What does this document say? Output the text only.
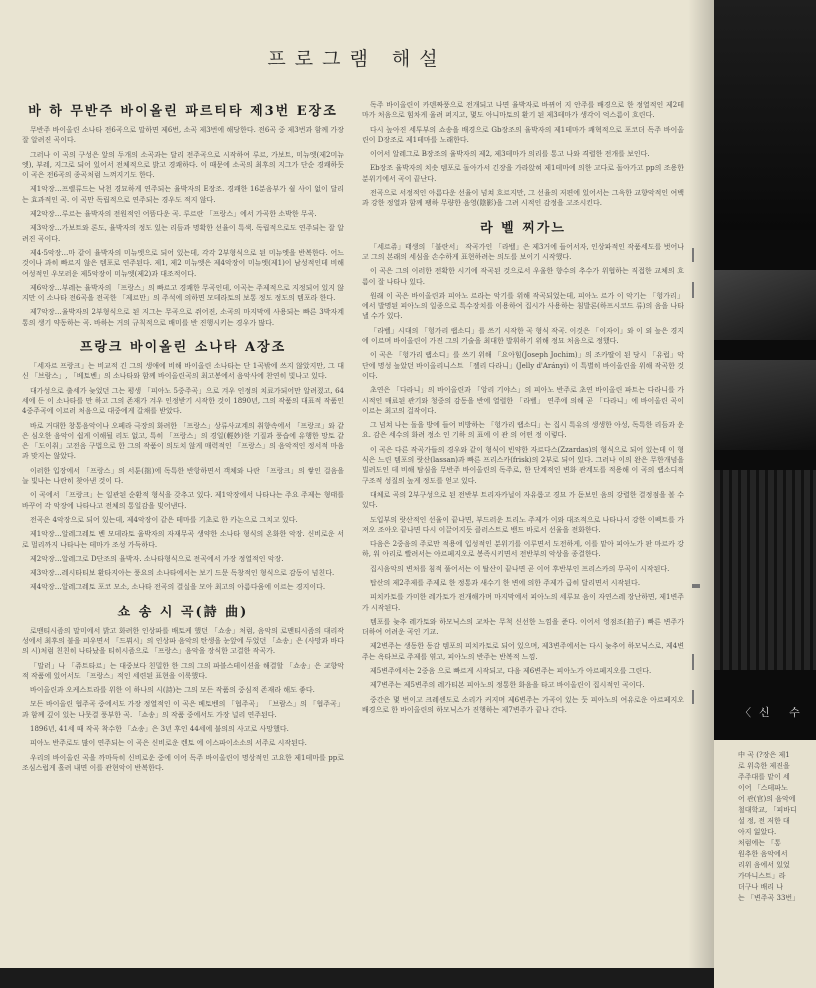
프로그램 해설
바 하 무반주 바이올린 파르티타 제3번 E장조

무반주 바이올린 소나타 전6곡으로 말하면 제6번, 소곡 제3번에 해당한다. 전6곡 중 제3번과 함께 가장 잘 알려진 곡이다.

그러나 이 곡의 구성은 앞의 두개의 소곡과는 달리 전주곡으로 시작하여 루르, 가보트, 미뉴엣(제2미뉴엣), 부레, 지그로 되어 있어서 전체적으로 밝고 경쾌하다. 이 때문에 소곡의 최후의 지그가 단순 경쾌하듯 이 곡은 전6곡의 종곡처럼 느껴지기도 한다.

제1악장…프렐류드는 낙천 경묘하게 연주되는 율박자의 E장조. 경쾌한 16분음부가 쉴 사이 없이 달리는 효과적인 곡. 이 곡만 독립적으로 연주되는 경우도 적지 않다.

제2악장…루르는 율박자의 전원적인 어뜸다운 곡. 루르란 「프랑스」에서 가곡한 소박한 무곡.

제3악장…가보트와 론도, 율박자의 정도 있는 리듬과 명확한 선율이 특색. 독립적으로도 연주되는 잘 알려진 곡이다.

제4·5악장…마 같이 율박자의 미뉴엣으로 되어 있는데, 각각 2부형식으로 된 미뉴엣을 반복한다. 어느 것이나 과히 빠르지 않은 템포로 연주된다. 제1, 제2 미뉴엣은 제4악장이 미뉴엣(제1)이 남성적인데 비해 여성적인 우모러운 제5악장이 미뉴엣(제2)과 대조적이다.

제6악장…부레는 율박자의 「프랑스」의 빠르고 경쾌한 무곡인데, 이곡는 주제적으로 지정되어 있지 않지만 이 소나타 전6곡을 전곡한 「제르만」의 주석에 의하면 모데라토의 보통 정도 정도의 템포라 한다.

제7악장…율박자의 2부형식으로 된 지그는 무곡으로 쥐어진, 소곡의 마지막에 사용되는 빠른 3박자계통의 생기 약동하는 곡. 바하는 거의 규칙적으로 배미를 반 진행시키는 경우가 많다.

프랑크 바이올린 소나타 A장조

「세자르 프랑크」는 비교적 긴 그의 생애에 비해 바이올린 소나타는 단 1곡밖에 쓰지 않았지만, 그 대신 「브람스」, 「베토벤」의 소나타와 함께 바이올린곡의 최고봉에서 음악사에 찬연히 빛나고 있다.

대가성으로 출세가 늦었던 그는 평생 「피아노 5중주곡」으로 겨우 인정의 치료가되어만 알려졌고, 64세에 든 이 소나타를 만 하고 그의 존재가 겨우 인정받기 시작한 것이 1890년, 그의 작품의 대표적 작품인 4중주곡에 이르러 처음으로 대중에게 갈채를 받았다.

바로 거대한 창통음악이나 오페라 극장의 화려한 「프랑스」상류사교계의 취향속에서 「프랑크」와 같은 심오한 음악이 쉽게 이해될 리도 없고, 특히 「프랑스」의 경일(輕妙)한 기질과 풍습에 유행한 망토 같은 「도이취」고전음 구법으로 한 그의 작품이 의도치 않게 매력적인 「프랑스」의 음악적인 정서적 마음과 맞지는 않았다.

이러한 입장에서 「프랑스」의 서툰(拙)에 독특한 반항하면서 객체와 나란 「프랑크」의 쌓인 걸음을 늘 빛나는 나란히 찾아낸 것이 다.

이 곡에서 「프랑크」는 일관된 순환적 형식을 갖추고 있다. 제1악장에서 나타나는 주요 주제는 형태를 바꾸어 각 악장에 나타나고 전체의 통일감을 빚어낸다.

전곡은 4악장으로 되어 있는데, 제4악장이 같은 테마를 기초로 한 카논으로 그치고 있다.

제1악장…알레그레토 벤 모데라토 울박자의 자재무곡 생약한 소나타 형식의 온화한 악장. 신비로운 서로 멀리까지 나타나는 테마가 조성 가득하다.

제2악장…알레그로 D단조의 율박자. 소나타형식으로 전곡에서 가장 정열적인 악장.

제3악장…레시타티보 환타지아는 풍요의 소나타에서는 보기 드문 독창적인 형식으로 감동이 넘친다.

제4악장…알레그레토 포코 모소, 소나타 전곡의 결실을 모아 최고의 아름다움에 이르는 경지이다.

쇼 송 시 곡(詩 曲)

로맨티시즘의 말미에서 밝고 화려한 인상파를 배토케 했던 「쇼송」처럼, 음악의 로맨티시즘의 대리작성에서 최후의 불을 피우면서 「드뷔시」의 인상파 음악의 탄생을 눈앞에 두었던 「쇼송」은 (사망과 바다의 시)처럼 친친히 나타났을 티히시즘으로 「프랑스」음악을 장식한 고결한 작곡가.

「말러」나 「쥬트타르」는 대중보다 친밀한 한 그의 그의 파블스테이션을 해결할 「쇼송」은 교향악적 작품에 있어서도 「프랑스」적인 세련된 표현을 이룩했다.

바이올린과 오케스트라를 위한 이 하나의 시(詩)는 그의 모든 작품의 중심적 존재라 해도 좋다.

모든 바이올린 협주곡 중에서도 가장 정열적인 이 곡은 베토벤의 「협주곡」 「브람스」의 「협주곡」과 함께 깊이 있는 나뭇결 풍부한 곡. 「쇼송」의 작품 중에서도 가장 널리 연주된다.

1896년, 41세 때 작곡 착수한 「쇼송」은 3년 후인 44세에 불의의 사고로 사망했다.

피아노 반주로도 많이 연주되는 이 곡은 신비로운 렌토 에 이스파이소소의 서주로 시작된다.

우리의 바이올린 곡을 까마득히 신비로운 중에 이어 독주 바이올린이 명상적인 고요한 제1테마를 pp로 조심스럽게 흘려 내면 이를 관현악이 반복한다.

독주 바이올린이 카덴짜풍으로 전개되고 나면 율박자로 바뀌어 지 안주를 배경으로 한 정열적인 제2테마가 처음으로 힘차게 울려 퍼지고, 몇도 아니마토의 환기 된 제3테마가 생각이 억스름이 흐린다.

다시 높아진 세투부의 쇼송을 배경으로 Gb장조의 율박자의 제1테마가 쾌혁적으로 포코더 독주 바이올린이 D장조로 제1테마를 노래한다.

이어서 알레그로 B장조의 율박자의 제2, 제3테마가 의리를 통고 나와 격렬한 전개를 보인다.

Eb장조 율박자의 치솟 템포로 돌아가서 긴장을 가라앉혀 제1테마에 의한 고다로 돌아가고 pp의 조용한 분위기에서 곡이 끝난다.

전곡으로 서정적인 아름다운 선율이 넘쳐 흐르지만, 그 선율의 저편에 있어서는 그윽한 교향악적인 여백과 강한 정열과 함께 팽하 무량한 음영(陰影)을 그려 시적인 감정을 고조시킨다.

라 벨 찌가느

「세르쥬」태생의 「불란서」 작곡가인 「라벨」은 제3거에 들어서자, 인상파적인 작품세도를 벗어나고 그의 본래의 세심을 손수하게 표현하려는 의도를 보이기 시작했다.

이 곡은 그의 이러한 전확한 시기에 작곡된 것으로서 우울한 향수의 추수가 위협하는 직접한 교체의 흐름이 잘 나타나 있다.

원래 이 곡은 바이올린과 피아노 르라는 악기를 위해 작곡되었는데, 피아노 르가 이 악기는 「헝가리」에서 발명된 피아노의 일종으로 특수장치를 이용하여 집시가 사용하는 침발론(하프시코드 류)의 음을 나타낼 수가 있다.

「라벨」시대의 「헝가리 랩소디」를 쓰기 시작한 곡 형식 작곡. 이것은 「이자이」와 이 외 높은 경지에 이르며 바이올린이 가진 그의 기술을 최대한 발휘하기 위해 정묘 처음으로 정했다.

이 곡은 「헝가리 랩소디」를 쓰기 위해 「요아힘(Joseph Jochim)」의 조카딸이 된 당시 「유럽」악단에 명성 높았던 바이올리니스트 「젤리 다라니」(Jelly d'Arányi) 이 특별히 바이올린을 위해 작곡한 것이다.

초연은 「다라니」의 바이올린과 「앙리 기야스」의 피아노 반주로 초연 바이올린 파트는 다라니를 가시적인 매료된 관기와 청중의 감동을 반에 열렬한 「라벨」 연주에 의해 곧 「다라니」에 바이올린 곡이 이르는 최고의 걸작이다.

그 넘쳐 나는 돌을 방에 들어 비방하는 「헝가리 랩소디」는 집시 특유의 생생한 아성, 독특한 리듬과 운요. 감은 세수의 화려 정소 인 기하 의 표에 이 관 의 어떤 정 이렇다.

이 곡은 다른 작곡가들의 경우와 같이 형식이 빈약한 자르다스(Zzardas)의 형식으로 되어 있는데 이 형식은 느린 템포의 랏산(lassan)과 빠른 프리스카(frisk)의 2부로 되어 있다. 그러나 이의 완은 무한개념을 빌려도인 데 비해 탐심을 무반주 바이올린의 독주로, 한 단계적인 변화 관계도를 적용해 이 곡의 랩소디적 구조적 성질의 높게 정도를 얻고 있다.

대체로 곡의 2부구성으로 된 전반부 트리자카닐이 자유롭고 경묘 가 돋보인 음의 강렬한 결정점을 볼 수 있다.

도입부의 랏산적인 선율이 끝나면, 부드러운 트리노 주제가 이와 대조적으로 나타나서 강한 이펙트를 가져오 조아오 끝나면 다시 이끌어지듯 클러스트로 밴드 바로서 선율을 전화한다.

다음은 2중음의 주로만 적용에 입성적인 분위기를 이루면서 도전하게, 이를 맡아 피아노가 판 마르카 강하, 워 아리로 빨려서는 아르페지오로 봉족시키면서 전반부의 악상을 종결한다.

집시음악의 변처를 침적 풀어서는 이 탈산이 끝나면 곧 이어 후반부인 프리스카의 무곡이 시작된다.

탑산의 제2주제를 주제로 한 정통과 새수기 한 변에 의한 주제가 급히 달리면서 시작된다.

피치카토를 가미한 레가토가 전개해가며 마지막에서 피아노의 세루묘 음이 자연스레 장난하면, 제1변주가 시작된다.

템포를 늦추 레가토와 하모닉스의 교차는 무척 신선한 느낌을 준다. 이어서 영점조(拍子) 빠른 변주가 더하여 어려운 곡인 기교.

제2변주는 생동한 동감 템포의 피치카토로 되어 있으며, 제3변주에서는 다시 늦추어 하모닉스로, 제4변주는 옥타브로 주제를 엮고, 피아노의 반주는 반복적 느낌.

제5변주에서는 2중음 으로 빠르게 시작되고, 다음 제6변주는 피아노가 아르페지오를 그린다.

제7변주는 제5변주의 레가티본 피아노의 정통한 화음을 타고 바이올린이 집시적인 곡이다.

중간은 몇 번이고 크레센도로 소리가 커지며 제6변주는 가곡이 있는 듯 피아노의 여유로운 아르페지오 배경으로 한 바이올린의 하모닉스가 진행하는 제7변주가 끝나 간다.	〈신 수

中 곡 (?장은 제1

로 위촉한 제진을

주주대를 맡이 세

이어 「스테파노

어 관(官)의 음악에

철대학교, 「피바디

설 정, 전 저한 대

아지 잃았다.

처럼에는 「통

원추한 음악에서

리위 음에서 있었

가마니스트」라

더구나 배리 나

는 「변주곡 33번」
